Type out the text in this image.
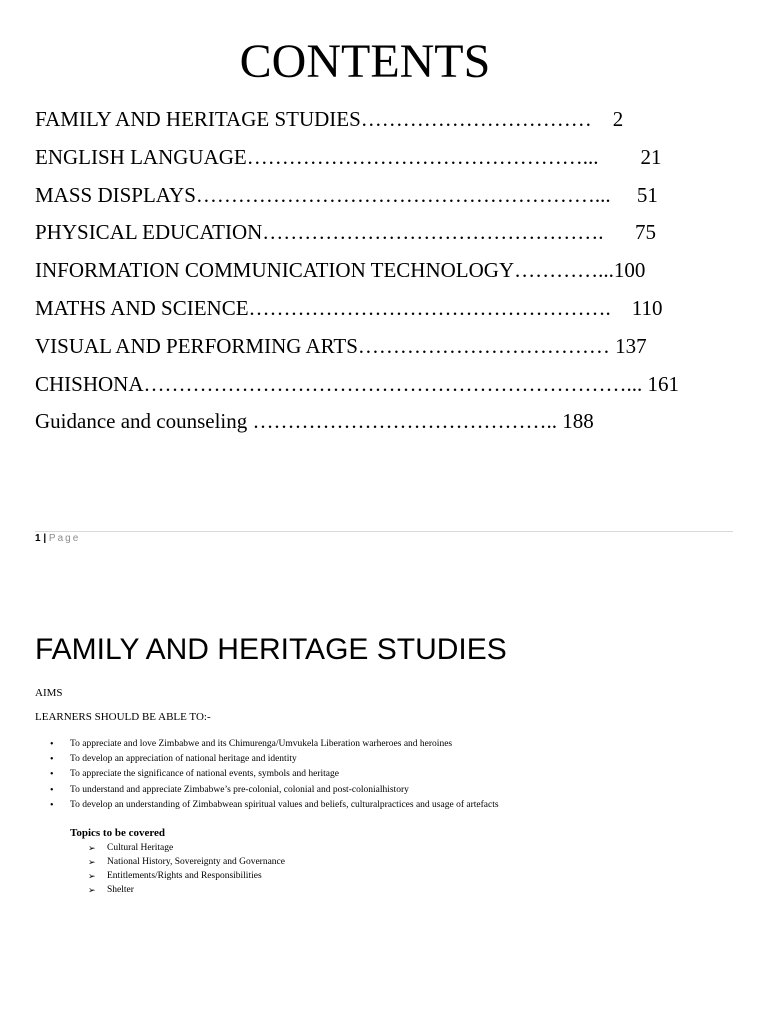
CONTENTS
FAMILY AND HERITAGE STUDIES……………………………    2
ENGLISH LANGUAGE…………………………………………...        21
MASS DISPLAYS…………………………………………………...     51
PHYSICAL EDUCATION………………………………………….      75
INFORMATION COMMUNICATION TECHNOLOGY…………...100
MATHS AND SCIENCE…………………………………………….    110
VISUAL AND PERFORMING ARTS……………………………… 137
CHISHONA……………………………………………………………... 161
Guidance and counseling …………………………………….. 188
1 | Page
FAMILY AND HERITAGE STUDIES
AIMS
LEARNERS SHOULD BE ABLE TO:-
• To appreciate and love Zimbabwe and its Chimurenga/Umvukela Liberation warheroes and heroines
• To develop an appreciation of national heritage and identity
• To appreciate the significance of national events, symbols and heritage
• To understand and appreciate Zimbabwe’s pre-colonial, colonial and post-colonialhistory
• To develop an understanding of Zimbabwean spiritual values and beliefs, culturalpractices and usage of artefacts
Topics to be covered
➢ Cultural Heritage
➢ National History, Sovereignty and Governance
➢ Entitlements/Rights and Responsibilities
➢ Shelter
